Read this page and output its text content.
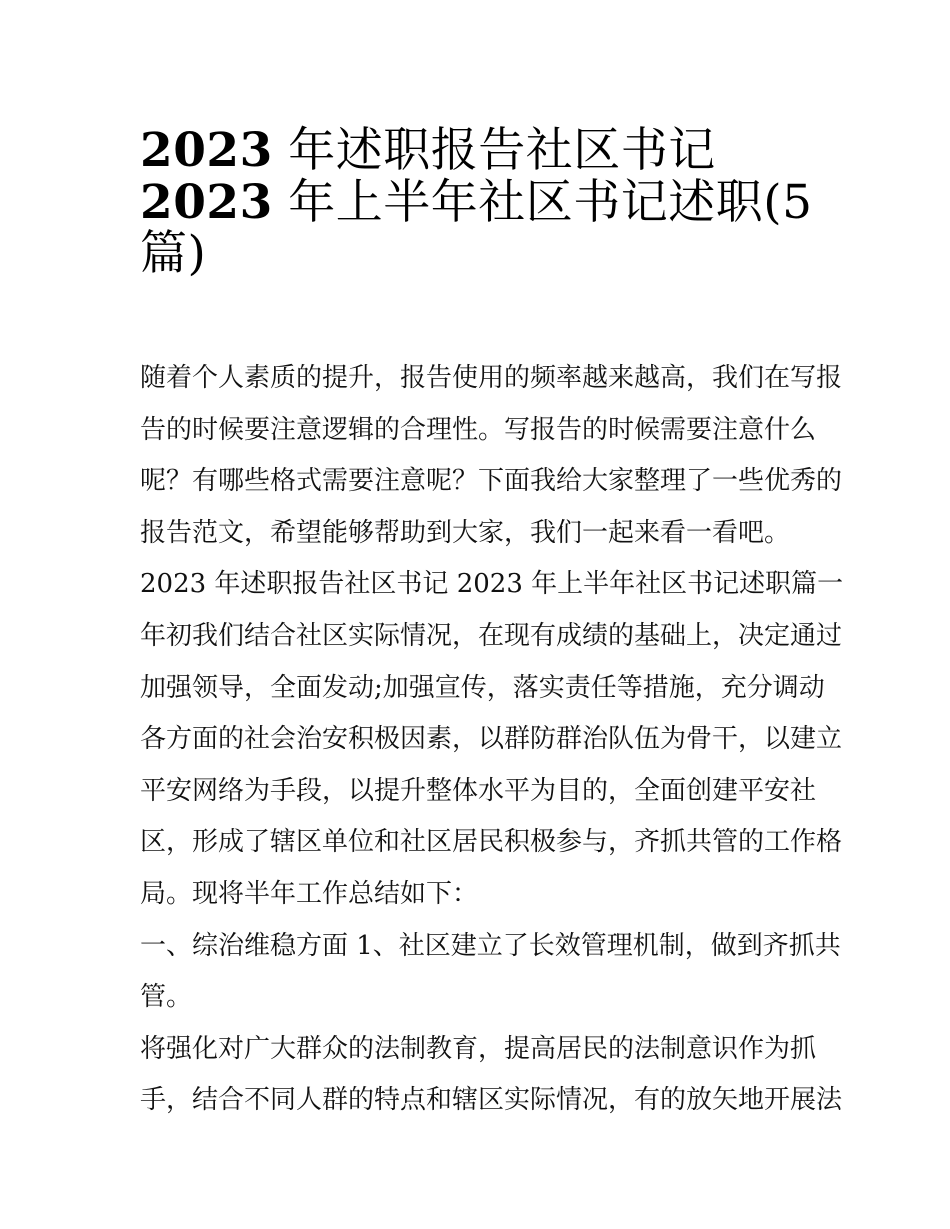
2023 年述职报告社区书记
2023 年上半年社区书记述职(5
篇)
随着个人素质的提升，报告使用的频率越来越高，我们在写报
告的时候要注意逻辑的合理性。写报告的时候需要注意什么
呢？有哪些格式需要注意呢？下面我给大家整理了一些优秀的
报告范文，希望能够帮助到大家，我们一起来看一看吧。
2023 年述职报告社区书记 2023 年上半年社区书记述职篇一
年初我们结合社区实际情况，在现有成绩的基础上，决定通过
加强领导，全面发动;加强宣传，落实责任等措施，充分调动
各方面的社会治安积极因素，以群防群治队伍为骨干，以建立
平安网络为手段，以提升整体水平为目的，全面创建平安社
区，形成了辖区单位和社区居民积极参与，齐抓共管的工作格
局。现将半年工作总结如下：
一、综治维稳方面 1、社区建立了长效管理机制，做到齐抓共
管。
将强化对广大群众的法制教育，提高居民的法制意识作为抓
手，结合不同人群的特点和辖区实际情况，有的放矢地开展法
